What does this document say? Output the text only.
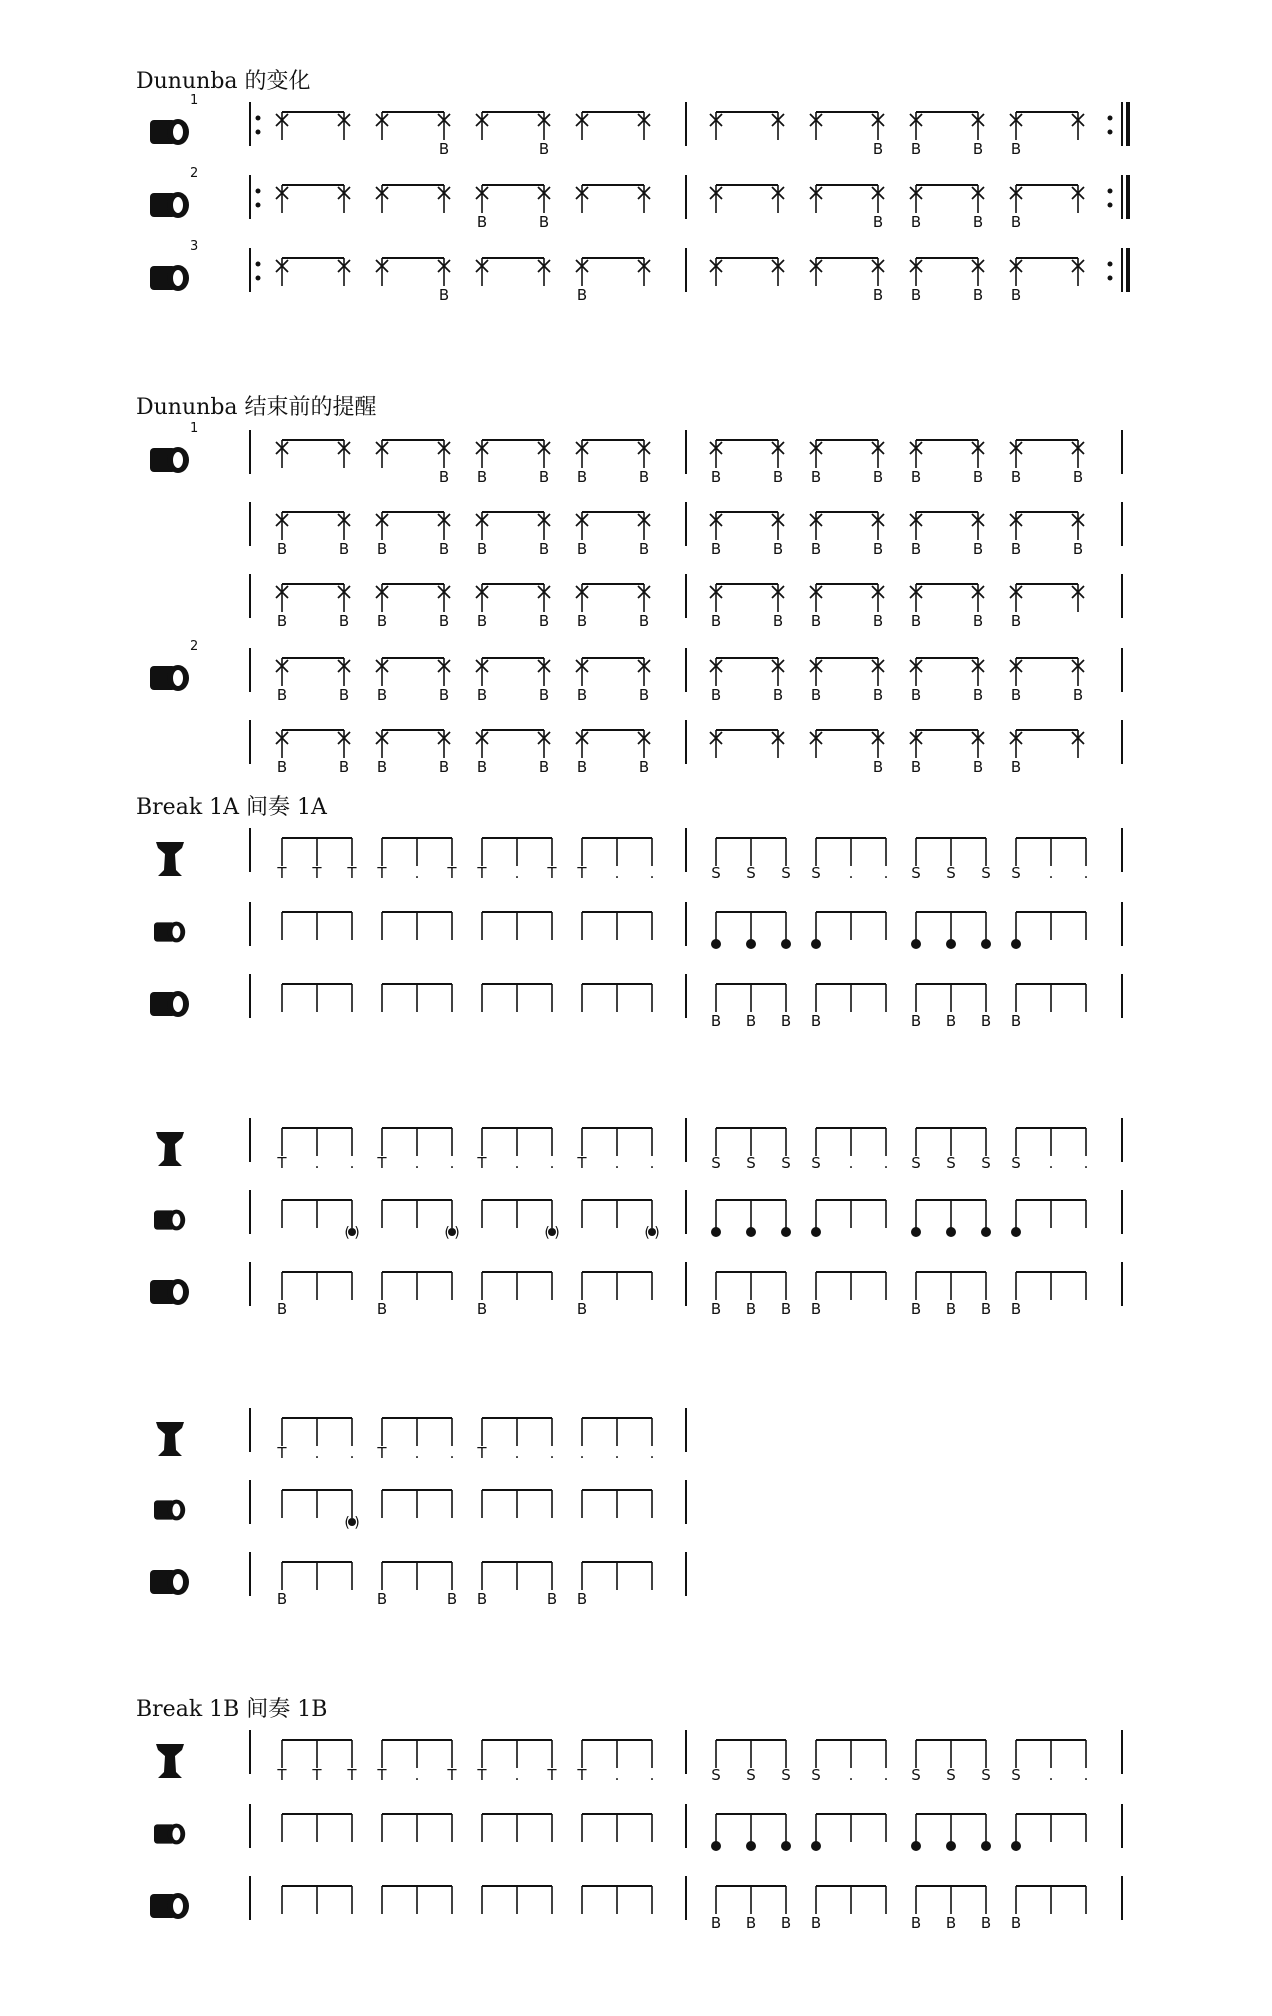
Dununba 的变化
Dununba 结束前的提醒
Break 1A 间奏 1A
Break 1B 间奏 1B
1
B	B
B	B	B B
2
B
B	B	B	B B
3
B	B B	B
B	B
1
B	B
B	B	B
B	B	B	B
B	B	B	B
B	B	B	B
B	B	B	B
B	B	B	B
B	B	B	B
B	B	B	B
B	B	B	B
B	B	B	B
B	B	B
2
B	B	B	B
B	B	B	B
B	B	B	B
B	B	B	B
B	B B	B	B
B	B	B	B
B	B	B
T T T	S S S
T . T	S . .
T . T	S S S
T . .	S . .
B B B B	B B B B
T . .	S S S
T . .	S . .
T . .	S S S
T . .	S . .
( )	( )	( )	( )
B	B B B
B	B
B	B B B
B	B
T . . T . . T . . . . .
( )
B	B	B B	B B
T T T	S S S
T . T	S . .
T . T	S S S
T . .	S . .
B B B B	B B B B
